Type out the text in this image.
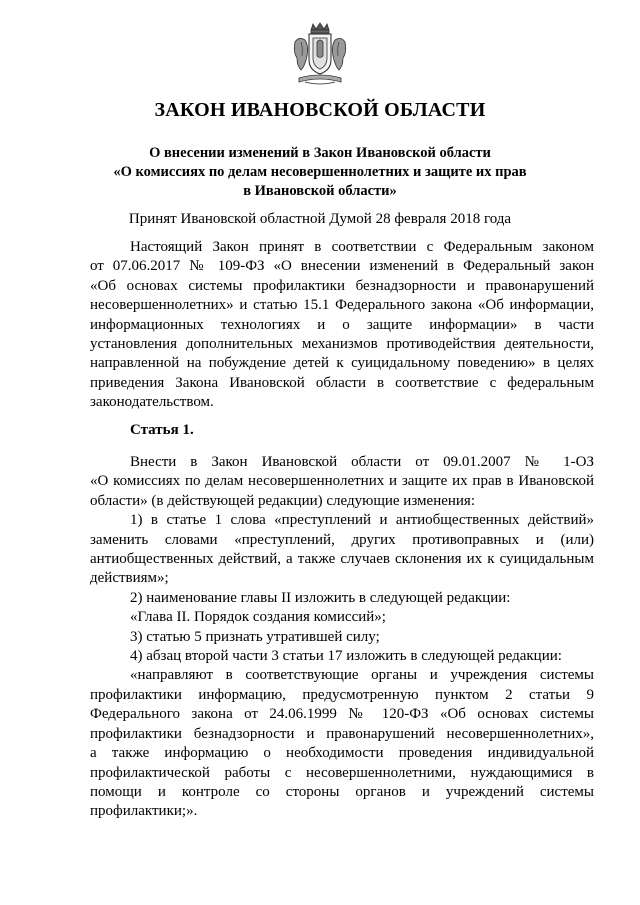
ЗАКОН ИВАНОВСКОЙ ОБЛАСТИ
О внесении изменений в Закон Ивановской области
«О комиссиях по делам несовершеннолетних и защите их прав
в Ивановской области»
Принят Ивановской областной Думой 28 февраля 2018 года
Настоящий Закон принят в соответствии с Федеральным законом
от 07.06.2017 № 109-ФЗ «О внесении изменений в Федеральный закон
«Об основах системы профилактики безнадзорности и правонарушений
несовершеннолетних» и статью 15.1 Федерального закона «Об информации,
информационных технологиях и о защите информации» в части
установления дополнительных механизмов противодействия деятельности,
направленной на побуждение детей к суицидальному поведению» в целях
приведения Закона Ивановской области в соответствие с федеральным
законодательством.
Статья 1.
Внести в Закон Ивановской области от 09.01.2007 № 1-ОЗ
«О комиссиях по делам несовершеннолетних и защите их прав в Ивановской
области» (в действующей редакции) следующие изменения:
1) в статье 1 слова «преступлений и антиобщественных действий»
заменить словами «преступлений, других противоправных и (или)
антиобщественных действий, а также случаев склонения их к суицидальным
действиям»;
2) наименование главы II изложить в следующей редакции:
«Глава II. Порядок создания комиссий»;
3) статью 5 признать утратившей силу;
4) абзац второй части 3 статьи 17 изложить в следующей редакции:
«направляют в соответствующие органы и учреждения системы
профилактики информацию, предусмотренную пунктом 2 статьи 9
Федерального закона от 24.06.1999 № 120-ФЗ «Об основах системы
профилактики безнадзорности и правонарушений несовершеннолетних»,
а также информацию о необходимости проведения индивидуальной
профилактической работы с несовершеннолетними, нуждающимися в
помощи и контроле со стороны органов и учреждений системы
профилактики;».
